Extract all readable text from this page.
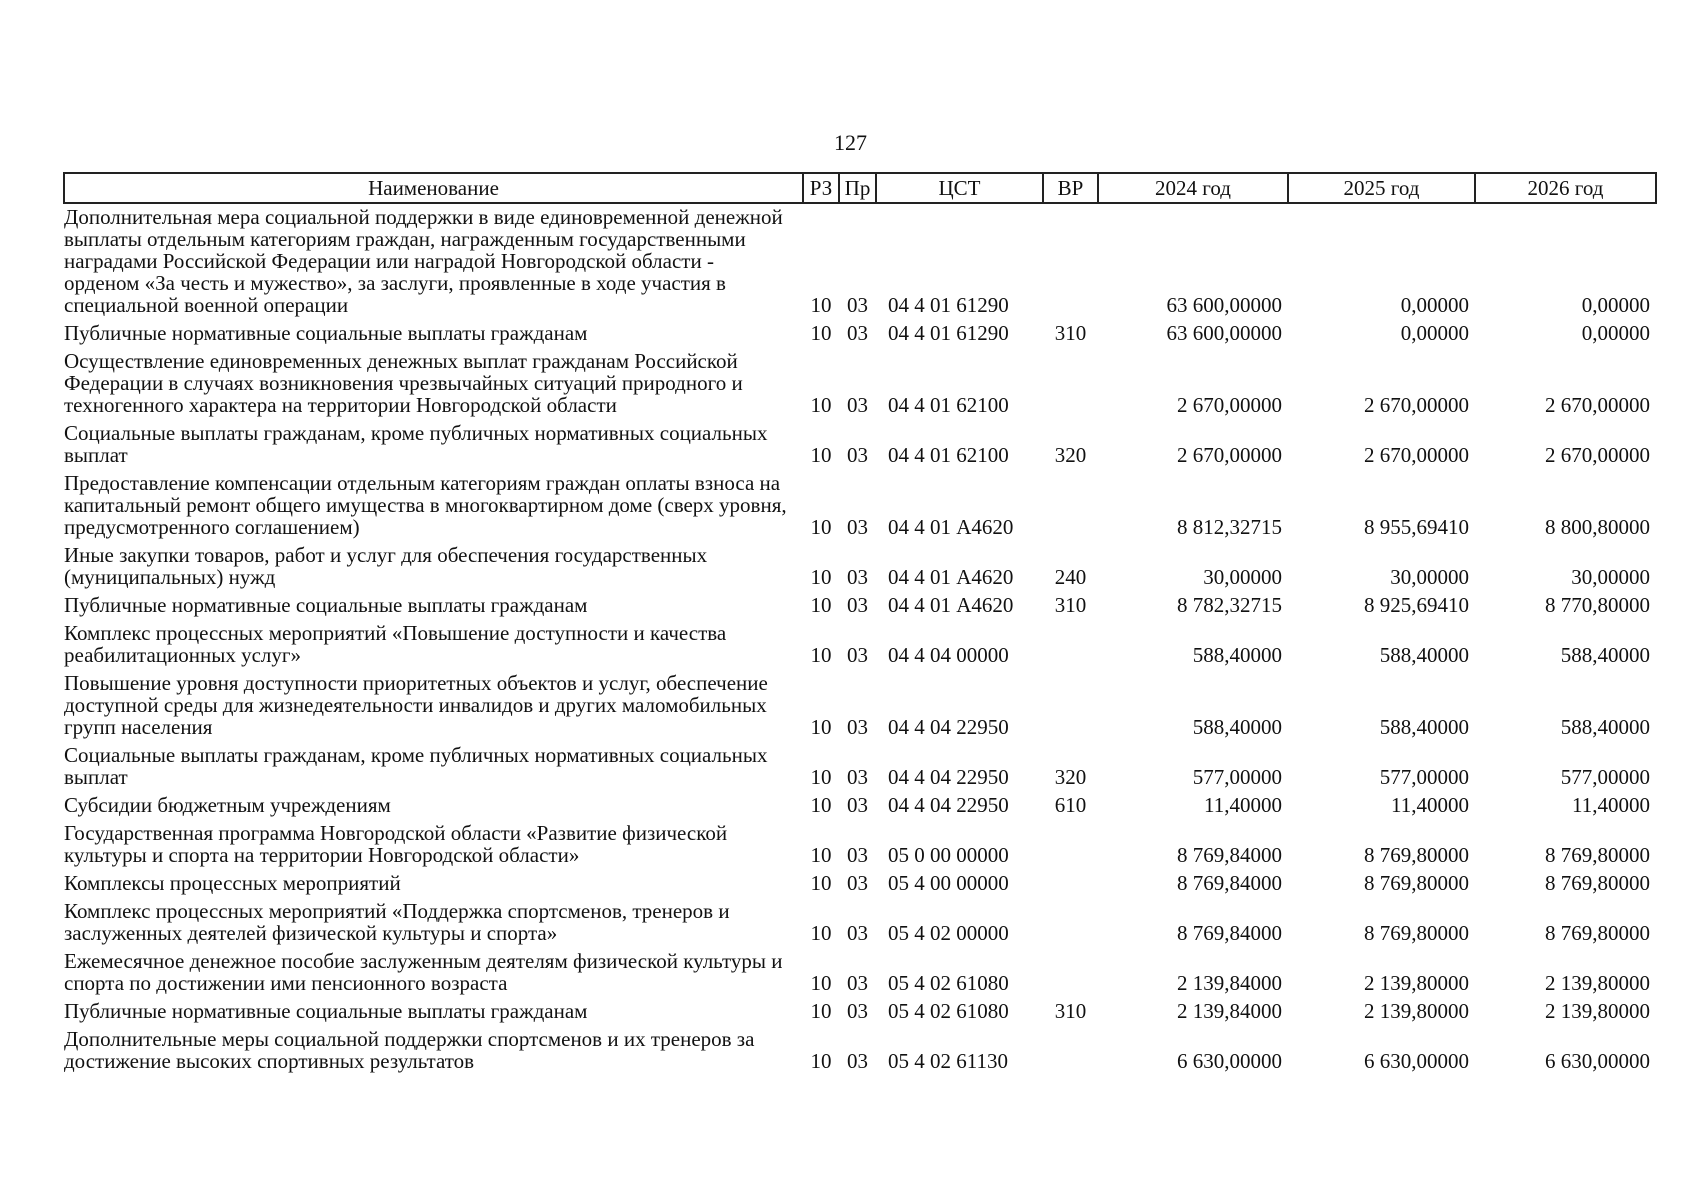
127
Наименование	РЗ	Пр	ЦСТ	ВР	2024 год	2025 год	2026 год
Дополнительная мера социальной поддержки в виде единовременной денежной выплаты отдельным категориям граждан, награжденным государственными наградами Российской Федерации или наградой Новгородской области - орденом «За честь и мужество», за заслуги, проявленные в ходе участия в специальной военной операции	10	03	04 4 01 61290		63 600,00000	0,00000	0,00000
Публичные нормативные социальные выплаты гражданам	10	03	04 4 01 61290	310	63 600,00000	0,00000	0,00000
Осуществление единовременных денежных выплат гражданам Российской Федерации в случаях возникновения чрезвычайных ситуаций природного и техногенного характера на территории Новгородской области	10	03	04 4 01 62100		2 670,00000	2 670,00000	2 670,00000
Социальные выплаты гражданам, кроме публичных нормативных социальных выплат	10	03	04 4 01 62100	320	2 670,00000	2 670,00000	2 670,00000
Предоставление компенсации отдельным категориям граждан оплаты взноса на капитальный ремонт общего имущества в многоквартирном доме (сверх уровня, предусмотренного соглашением)	10	03	04 4 01 А4620		8 812,32715	8 955,69410	8 800,80000
Иные закупки товаров, работ и услуг для обеспечения государственных (муниципальных) нужд	10	03	04 4 01 А4620	240	30,00000	30,00000	30,00000
Публичные нормативные социальные выплаты гражданам	10	03	04 4 01 А4620	310	8 782,32715	8 925,69410	8 770,80000
Комплекс процессных мероприятий «Повышение доступности и качества реабилитационных услуг»	10	03	04 4 04 00000		588,40000	588,40000	588,40000
Повышение уровня доступности приоритетных объектов и услуг, обеспечение доступной среды для жизнедеятельности инвалидов и других маломобильных групп населения	10	03	04 4 04 22950		588,40000	588,40000	588,40000
Социальные выплаты гражданам, кроме публичных нормативных социальных выплат	10	03	04 4 04 22950	320	577,00000	577,00000	577,00000
Субсидии бюджетным учреждениям	10	03	04 4 04 22950	610	11,40000	11,40000	11,40000
Государственная программа Новгородской области «Развитие физической культуры и спорта на территории Новгородской области»	10	03	05 0 00 00000		8 769,84000	8 769,80000	8 769,80000
Комплексы процессных мероприятий	10	03	05 4 00 00000		8 769,84000	8 769,80000	8 769,80000
Комплекс процессных мероприятий «Поддержка спортсменов, тренеров и заслуженных деятелей физической культуры и спорта»	10	03	05 4 02 00000		8 769,84000	8 769,80000	8 769,80000
Ежемесячное денежное пособие заслуженным деятелям физической культуры и спорта по достижении ими пенсионного возраста	10	03	05 4 02 61080		2 139,84000	2 139,80000	2 139,80000
Публичные нормативные социальные выплаты гражданам	10	03	05 4 02 61080	310	2 139,84000	2 139,80000	2 139,80000
Дополнительные меры социальной поддержки спортсменов и их тренеров за достижение высоких спортивных результатов	10	03	05 4 02 61130		6 630,00000	6 630,00000	6 630,00000
